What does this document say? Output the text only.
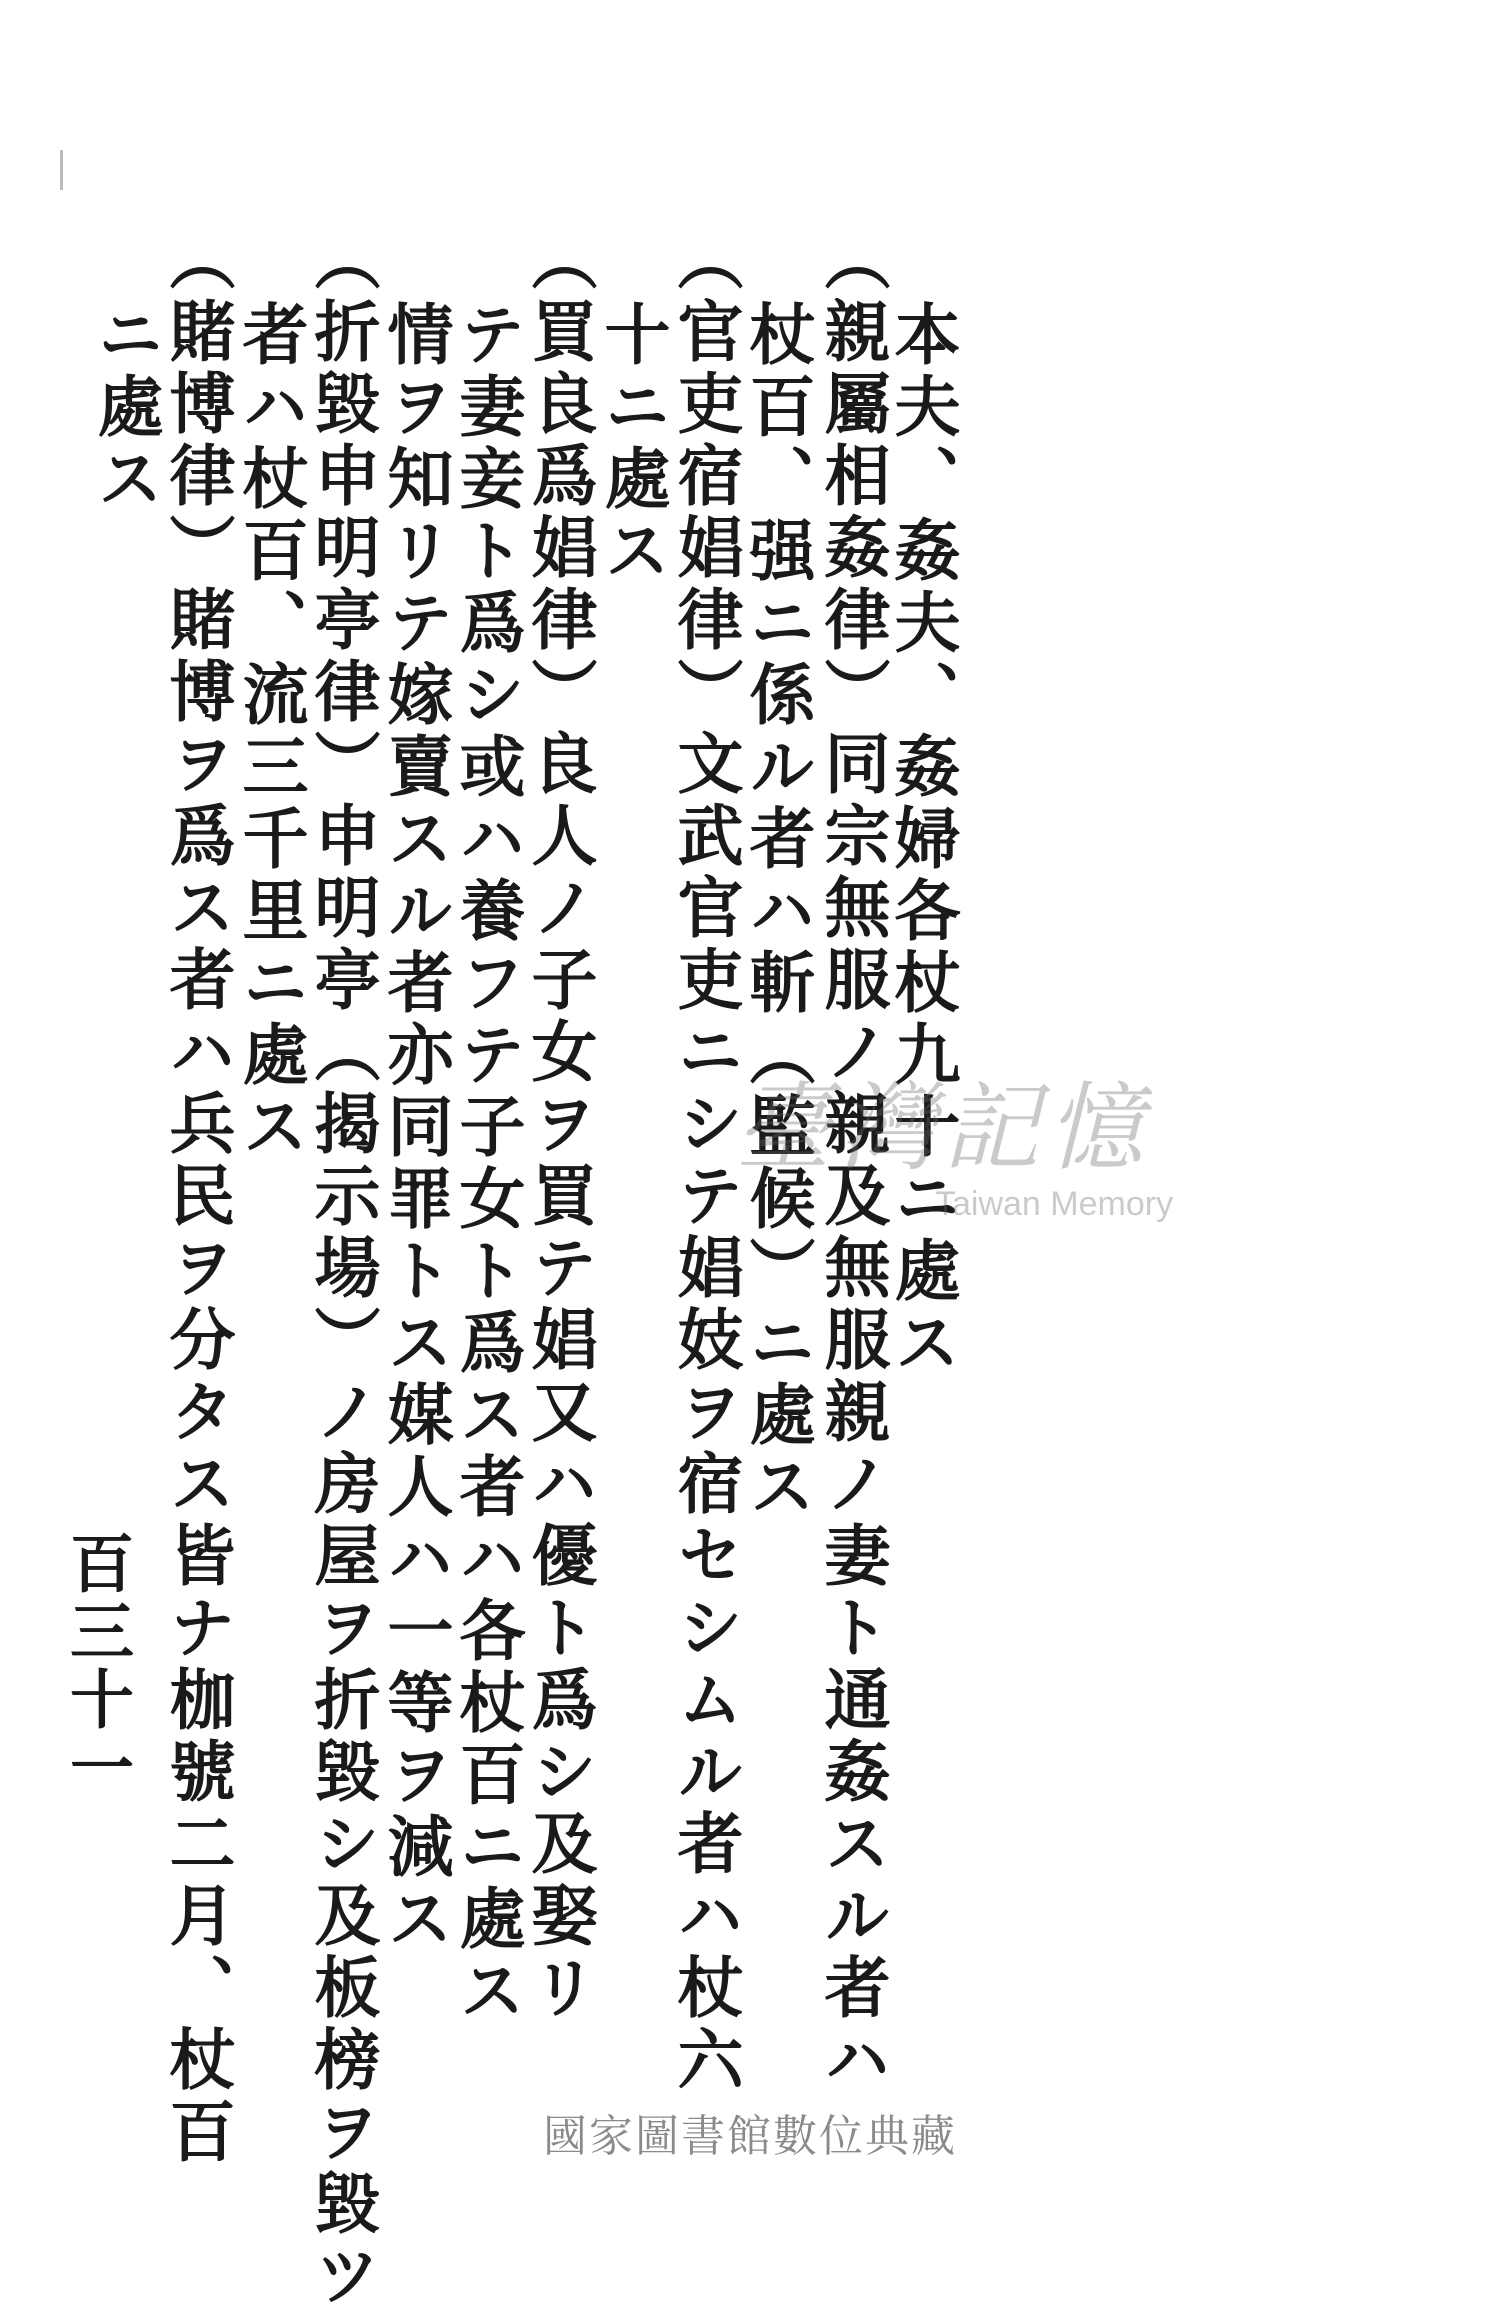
本夫、姦夫、姦婦各杖九十ニ處ス
（親屬相姦律）同宗無服ノ親及無服親ノ妻ト通姦スル者ハ
杖百、强ニ係ル者ハ斬（監候）ニ處ス
（官吏宿娼律）文武官吏ニシテ娼妓ヲ宿セシムル者ハ杖六
十ニ處ス
（買良爲娼律）良人ノ子女ヲ買テ娼又ハ優ト爲シ及娶リ
テ妻妾ト爲シ或ハ養フテ子女ト爲ス者ハ各杖百ニ處ス
情ヲ知リテ嫁賣スル者亦同罪トス媒人ハ一等ヲ減ス
（折毀申明亭律）申明亭（揭示場）ノ房屋ヲ折毀シ及板榜ヲ毀ツ
者ハ杖百、流三千里ニ處ス
（賭博律）賭博ヲ爲ス者ハ兵民ヲ分タス皆ナ枷號二月、杖百
ニ處ス
百三十一
臺灣記憶
Taiwan Memory
國家圖書館數位典藏
